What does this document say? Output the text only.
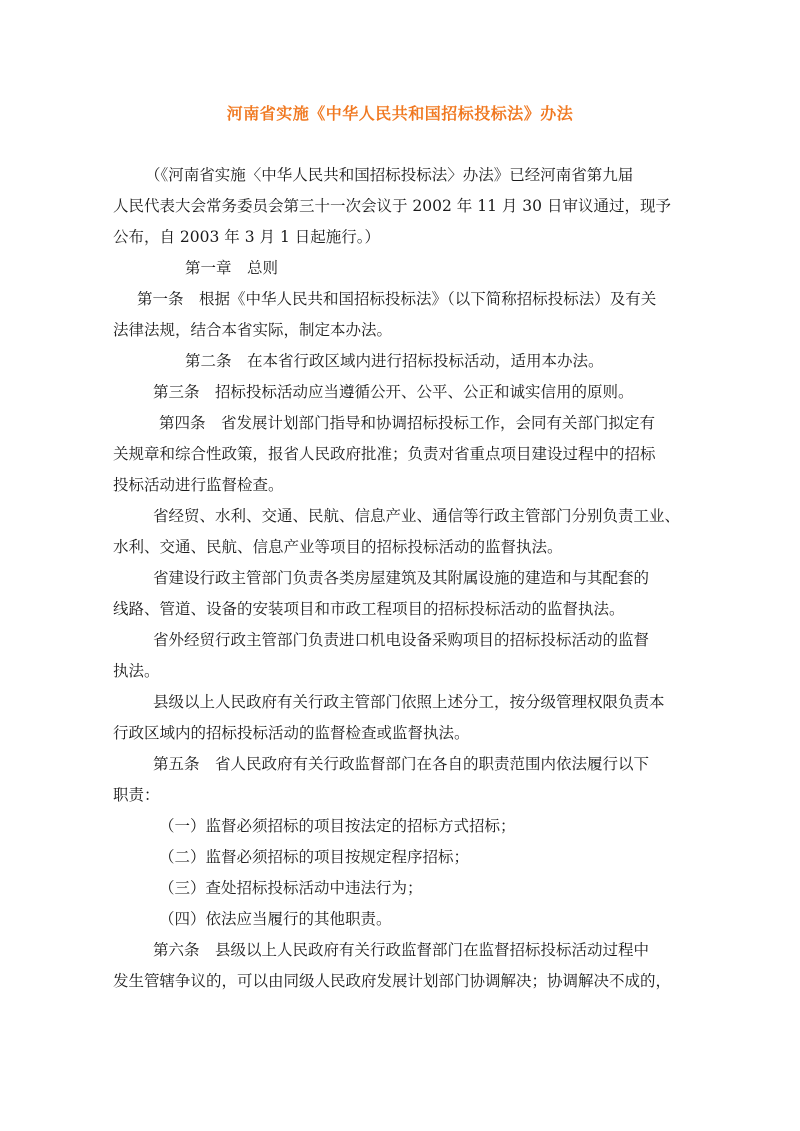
河南省实施《中华人民共和国招标投标法》办法
（《河南省实施〈中华人民共和国招标投标法〉办法》已经河南省第九届
人民代表大会常务委员会第三十一次会议于 2002 年 11 月 30 日审议通过，现予
公布，自 2003 年 3 月 1 日起施行。）
第一章　总则
第一条　根据《中华人民共和国招标投标法》（以下简称招标投标法）及有关
法律法规，结合本省实际，制定本办法。
第二条　在本省行政区域内进行招标投标活动，适用本办法。
第三条　招标投标活动应当遵循公开、公平、公正和诚实信用的原则。
第四条　省发展计划部门指导和协调招标投标工作，会同有关部门拟定有
关规章和综合性政策，报省人民政府批准；负责对省重点项目建设过程中的招标
投标活动进行监督检查。
省经贸、水利、交通、民航、信息产业、通信等行政主管部门分别负责工业、
水利、交通、民航、信息产业等项目的招标投标活动的监督执法。
省建设行政主管部门负责各类房屋建筑及其附属设施的建造和与其配套的
线路、管道、设备的安装项目和市政工程项目的招标投标活动的监督执法。
省外经贸行政主管部门负责进口机电设备采购项目的招标投标活动的监督
执法。
县级以上人民政府有关行政主管部门依照上述分工，按分级管理权限负责本
行政区域内的招标投标活动的监督检查或监督执法。
第五条　省人民政府有关行政监督部门在各自的职责范围内依法履行以下
职责：
（一）监督必须招标的项目按法定的招标方式招标；
（二）监督必须招标的项目按规定程序招标；
（三）查处招标投标活动中违法行为；
（四）依法应当履行的其他职责。
第六条　县级以上人民政府有关行政监督部门在监督招标投标活动过程中
发生管辖争议的，可以由同级人民政府发展计划部门协调解决；协调解决不成的，
